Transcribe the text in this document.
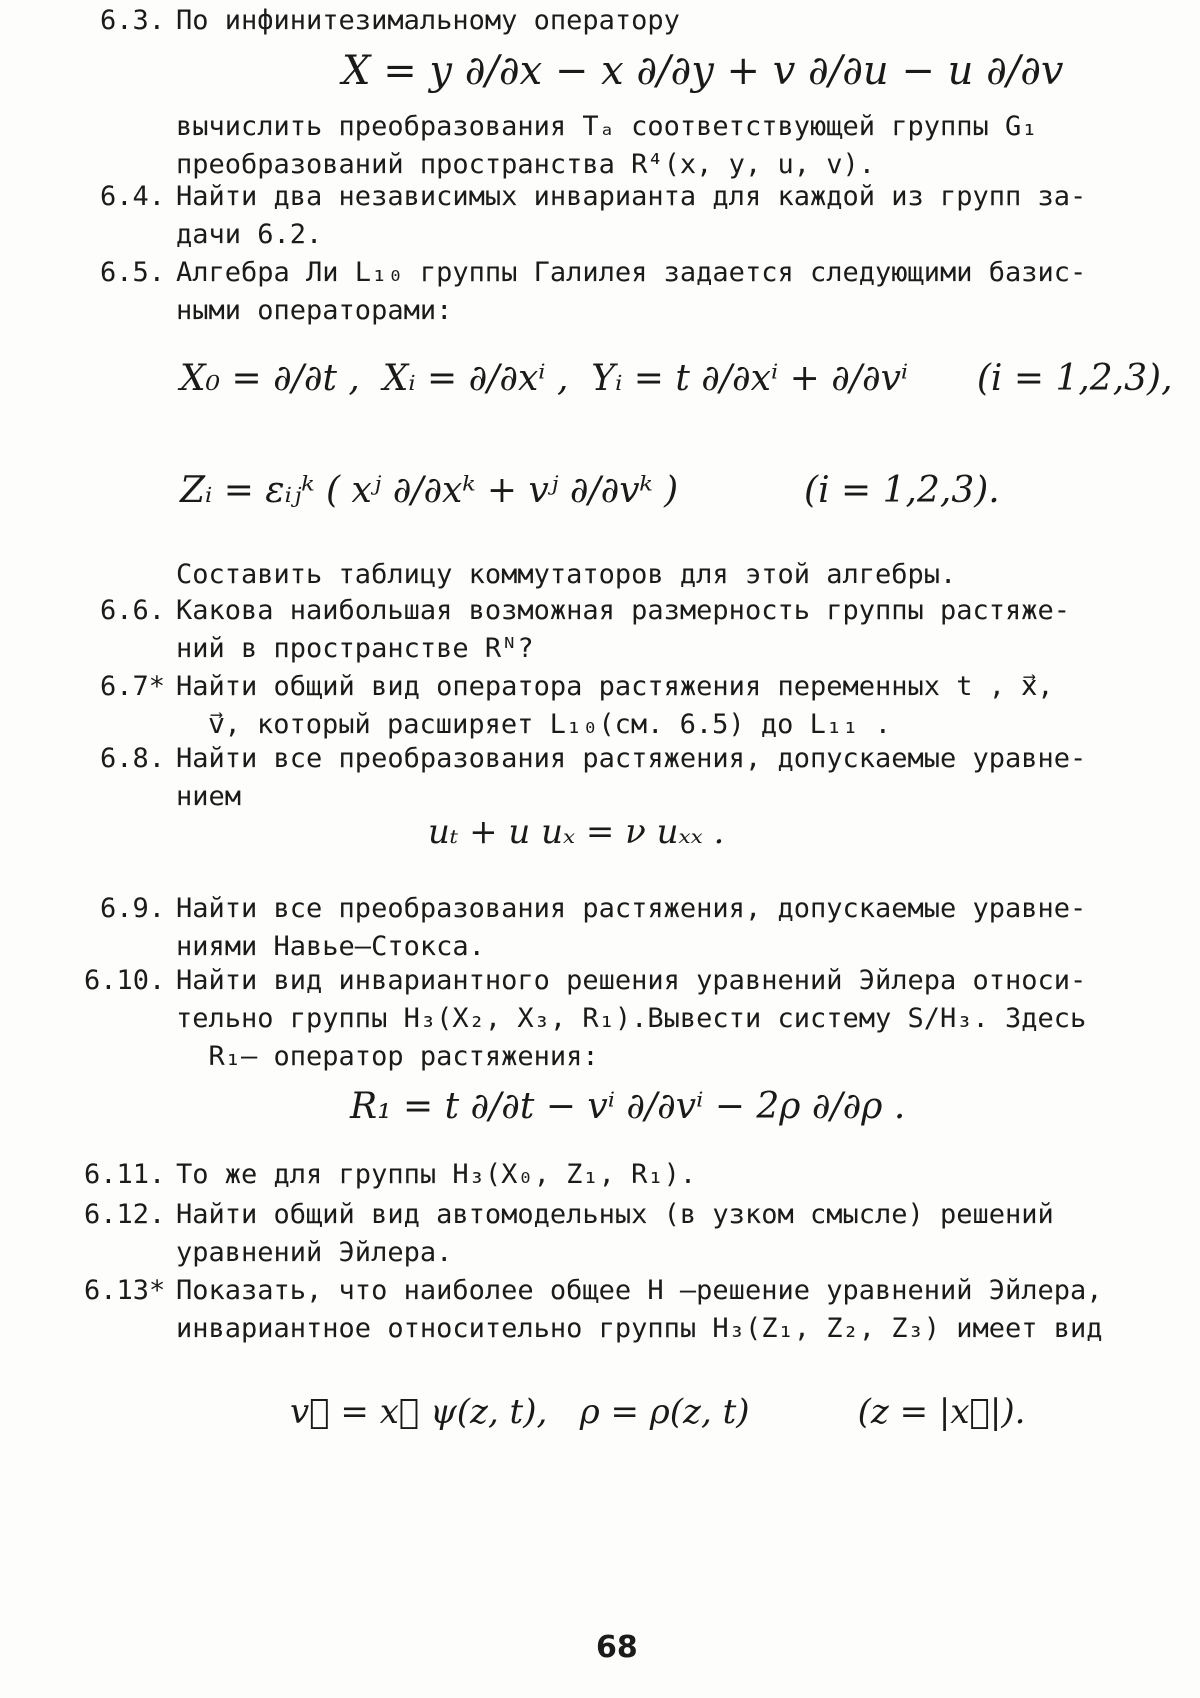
6.3. По инфинитезимальному оператору
X = y ∂/∂x − x ∂/∂y + v ∂/∂u − u ∂/∂v
вычислить преобразования Tₐ соответствующей группы G₁
преобразований пространства R⁴(x, y, u, v).
6.4. Найти два независимых инварианта для каждой из групп за-
дачи 6.2.
6.5. Алгебра Ли L₁₀ группы Галилея задается следующими базис-
ными операторами:
X₀ = ∂/∂t ,  Xᵢ = ∂/∂xⁱ ,  Yᵢ = t ∂/∂xⁱ + ∂/∂vⁱ      (i = 1,2,3),
Zᵢ = εᵢⱼᵏ ( xʲ ∂/∂xᵏ + vʲ ∂/∂vᵏ )           (i = 1,2,3).
Составить таблицу коммутаторов для этой алгебры.
6.6. Какова наибольшая возможная размерность группы растяже-
ний в пространстве Rᴺ?
6.7* Найти общий вид оператора растяжения переменных t , x⃗,
v⃗, который расширяет L₁₀(см. 6.5) до L₁₁ .
6.8. Найти все преобразования растяжения, допускаемые уравне-
нием
uₜ + u uₓ = ν uₓₓ .
6.9. Найти все преобразования растяжения, допускаемые уравне-
ниями Навье–Стокса.
6.10. Найти вид инвариантного решения уравнений Эйлера относи-
тельно группы H₃(X₂, X₃, R₁).Вывести систему S/H₃. Здесь
R₁– оператор растяжения:
R₁ = t ∂/∂t − vⁱ ∂/∂vⁱ − 2ρ ∂/∂ρ .
6.11. То же для группы H₃(X₀, Z₁, R₁).
6.12. Найти общий вид автомодельных (в узком смысле) решений
уравнений Эйлера.
6.13* Показать, что наиболее общее H –решение уравнений Эйлера,
инвариантное относительно группы H₃(Z₁, Z₂, Z₃) имеет вид
v⃗ = x⃗ ψ(z, t),   ρ = ρ(z, t)          (z = |x⃗|).
68
